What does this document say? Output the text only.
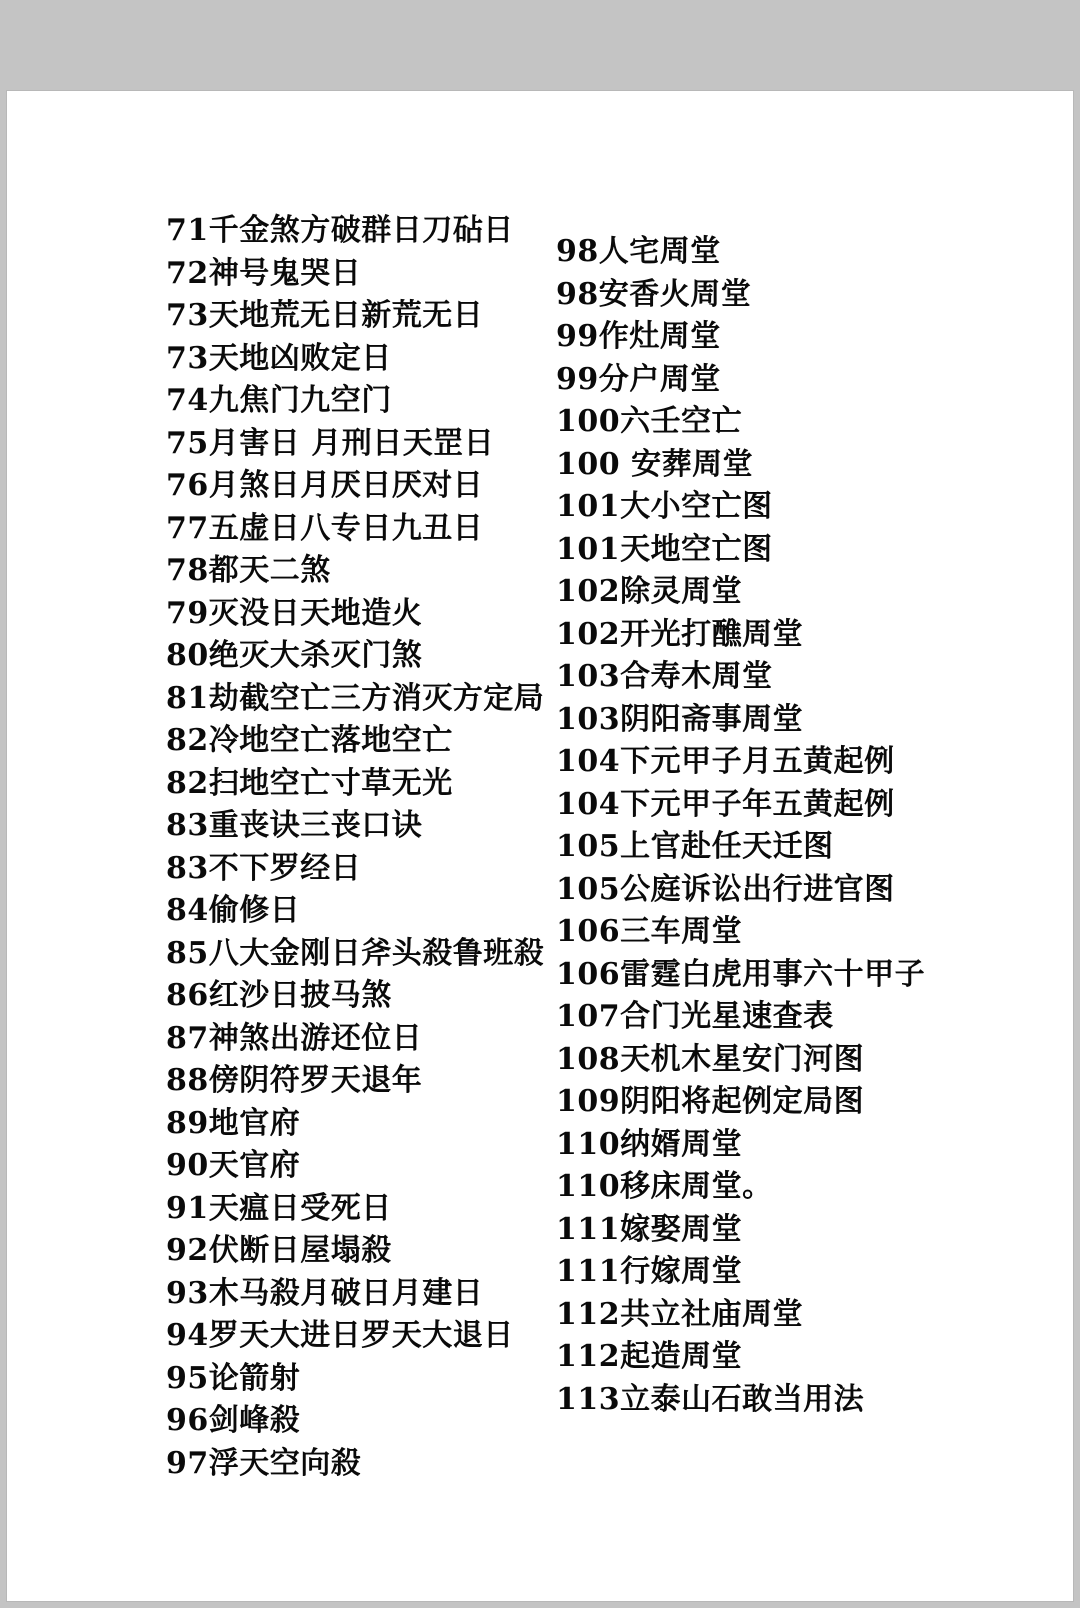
71千金煞方破群日刀砧日
72神号鬼哭日
73天地荒无日新荒无日
73天地凶败定日
74九焦门九空门
75月害日 月刑日天罡日
76月煞日月厌日厌对日
77五虚日八专日九丑日
78都天二煞
79灭没日天地造火
80绝灭大杀灭门煞
81劫截空亡三方消灭方定局
82冷地空亡落地空亡
82扫地空亡寸草无光
83重丧诀三丧口诀
83不下罗经日
84偷修日
85八大金刚日斧头殺鲁班殺
86红沙日披马煞
87神煞出游还位日
88傍阴符罗天退年
89地官府
90天官府
91天瘟日受死日
92伏断日屋塌殺
93木马殺月破日月建日
94罗天大进日罗天大退日
95论箭射
96剑峰殺
97浮天空向殺
98人宅周堂
98安香火周堂
99作灶周堂
99分户周堂
100六壬空亡
100 安葬周堂
101大小空亡图
101天地空亡图
102除灵周堂
102开光打醮周堂
103合寿木周堂
103阴阳斋事周堂
104下元甲子月五黄起例
104下元甲子年五黄起例
105上官赴任天迁图
105公庭诉讼出行进官图
106三车周堂
106雷霆白虎用事六十甲子
107合门光星速查表
108天机木星安门河图
109阴阳将起例定局图
110纳婿周堂
110移床周堂。
111嫁娶周堂
111行嫁周堂
112共立社庙周堂
112起造周堂
113立泰山石敢当用法
